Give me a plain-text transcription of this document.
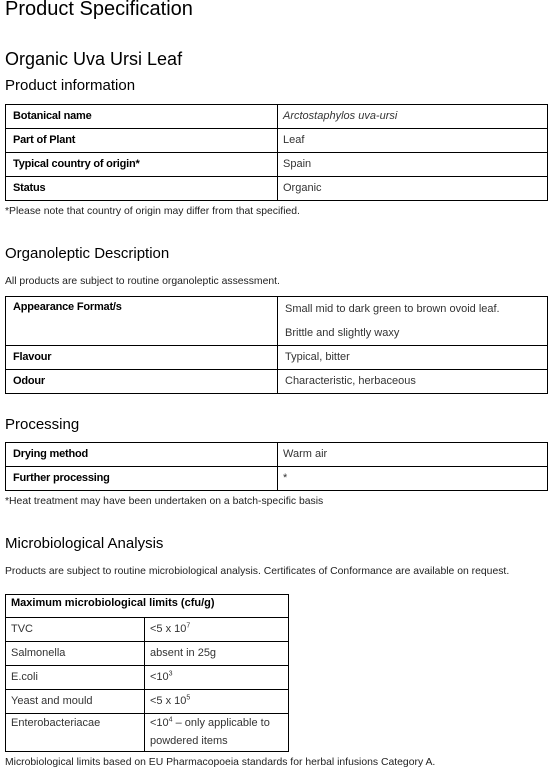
Product Specification
Organic Uva Ursi Leaf
Product information
Botanical name	Arctostaphylos uva-ursi
Part of Plant	Leaf
Typical country of origin*	Spain
Status	Organic
*Please note that country of origin may differ from that specified.
Organoleptic Description
All products are subject to routine organoleptic assessment.
Appearance Format/s	Small mid to dark green to brown ovoid leaf.
Brittle and slightly waxy

Flavour	Typical, bitter
Odour	Characteristic, herbaceous
Processing
Drying method	Warm air
Further processing	*
*Heat treatment may have been undertaken on a batch-specific basis
Microbiological Analysis
Products are subject to routine microbiological analysis. Certificates of Conformance are available on request.
Maximum microbiological limits (cfu/g)	
TVC	<5 x $10^7$
Salmonella	absent in 25g
E.coli	$<10^3$
Yeast and mould	<5 x $10^5$
Enterobacteriacae	$<10^4$ – only applicable to powdered items
Microbiological limits based on EU Pharmacopoeia standards for herbal infusions Category A.
